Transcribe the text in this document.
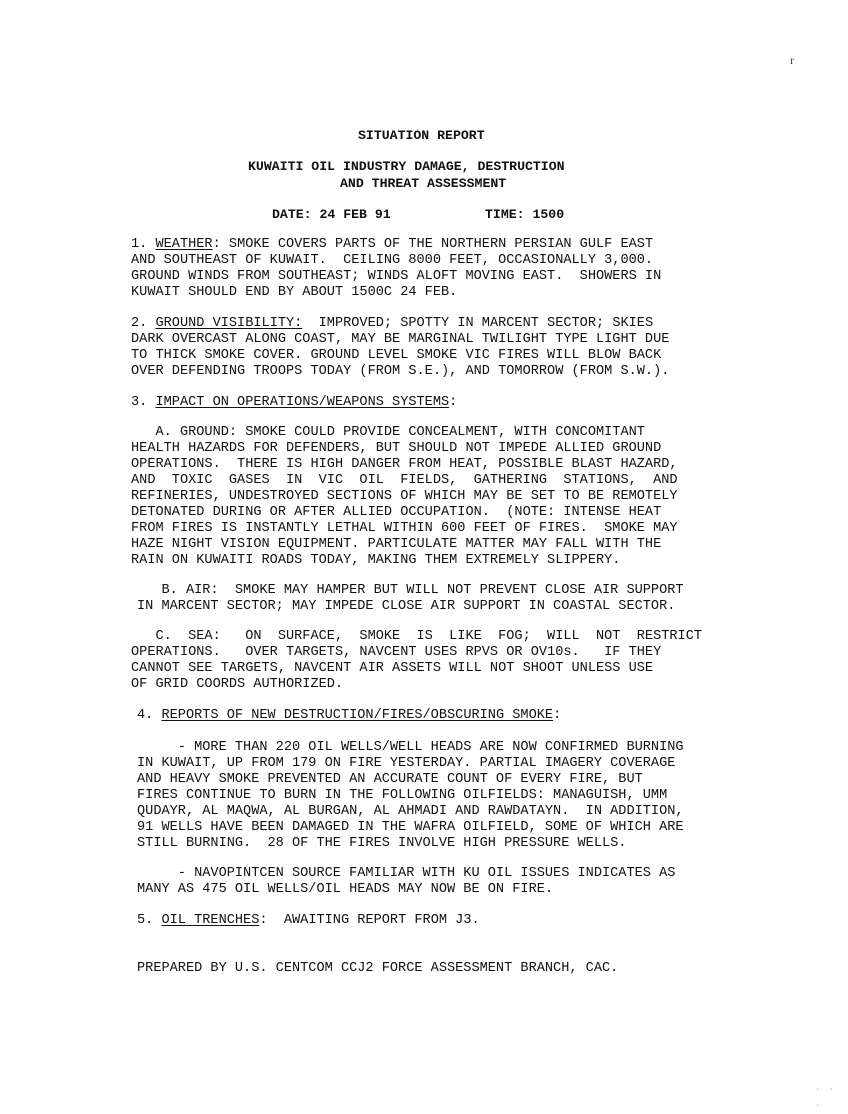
r
SITUATION REPORT
KUWAITI OIL INDUSTRY DAMAGE, DESTRUCTION
AND THREAT ASSESSMENT
DATE: 24 FEB 91	TIME: 1500
1. WEATHER: SMOKE COVERS PARTS OF THE NORTHERN PERSIAN GULF EAST
AND SOUTHEAST OF KUWAIT.  CEILING 8000 FEET, OCCASIONALLY 3,000.
GROUND WINDS FROM SOUTHEAST; WINDS ALOFT MOVING EAST.  SHOWERS IN
KUWAIT SHOULD END BY ABOUT 1500C 24 FEB.
2. GROUND VISIBILITY:  IMPROVED; SPOTTY IN MARCENT SECTOR; SKIES
DARK OVERCAST ALONG COAST, MAY BE MARGINAL TWILIGHT TYPE LIGHT DUE
TO THICK SMOKE COVER. GROUND LEVEL SMOKE VIC FIRES WILL BLOW BACK
OVER DEFENDING TROOPS TODAY (FROM S.E.), AND TOMORROW (FROM S.W.).
3. IMPACT ON OPERATIONS/WEAPONS SYSTEMS:
A. GROUND: SMOKE COULD PROVIDE CONCEALMENT, WITH CONCOMITANT
HEALTH HAZARDS FOR DEFENDERS, BUT SHOULD NOT IMPEDE ALLIED GROUND
OPERATIONS.  THERE IS HIGH DANGER FROM HEAT, POSSIBLE BLAST HAZARD,
AND  TOXIC  GASES  IN  VIC  OIL  FIELDS,  GATHERING  STATIONS,  AND
REFINERIES, UNDESTROYED SECTIONS OF WHICH MAY BE SET TO BE REMOTELY
DETONATED DURING OR AFTER ALLIED OCCUPATION.  (NOTE: INTENSE HEAT
FROM FIRES IS INSTANTLY LETHAL WITHIN 600 FEET OF FIRES.  SMOKE MAY
HAZE NIGHT VISION EQUIPMENT. PARTICULATE MATTER MAY FALL WITH THE
RAIN ON KUWAITI ROADS TODAY, MAKING THEM EXTREMELY SLIPPERY.
B. AIR:  SMOKE MAY HAMPER BUT WILL NOT PREVENT CLOSE AIR SUPPORT
IN MARCENT SECTOR; MAY IMPEDE CLOSE AIR SUPPORT IN COASTAL SECTOR.
C.  SEA:   ON  SURFACE,  SMOKE  IS  LIKE  FOG;  WILL  NOT  RESTRICT
OPERATIONS.   OVER TARGETS, NAVCENT USES RPVS OR OV10s.   IF THEY
CANNOT SEE TARGETS, NAVCENT AIR ASSETS WILL NOT SHOOT UNLESS USE
OF GRID COORDS AUTHORIZED.
4. REPORTS OF NEW DESTRUCTION/FIRES/OBSCURING SMOKE:
- MORE THAN 220 OIL WELLS/WELL HEADS ARE NOW CONFIRMED BURNING
IN KUWAIT, UP FROM 179 ON FIRE YESTERDAY. PARTIAL IMAGERY COVERAGE
AND HEAVY SMOKE PREVENTED AN ACCURATE COUNT OF EVERY FIRE, BUT
FIRES CONTINUE TO BURN IN THE FOLLOWING OILFIELDS: MANAGUISH, UMM
QUDAYR, AL MAQWA, AL BURGAN, AL AHMADI AND RAWDATAYN.  IN ADDITION,
91 WELLS HAVE BEEN DAMAGED IN THE WAFRA OILFIELD, SOME OF WHICH ARE
STILL BURNING.  28 OF THE FIRES INVOLVE HIGH PRESSURE WELLS.
- NAVOPINTCEN SOURCE FAMILIAR WITH KU OIL ISSUES INDICATES AS
MANY AS 475 OIL WELLS/OIL HEADS MAY NOW BE ON FIRE.
5. OIL TRENCHES:  AWAITING REPORT FROM J3.
PREPARED BY U.S. CENTCOM CCJ2 FORCE ASSESSMENT BRANCH, CAC.
· · ·
